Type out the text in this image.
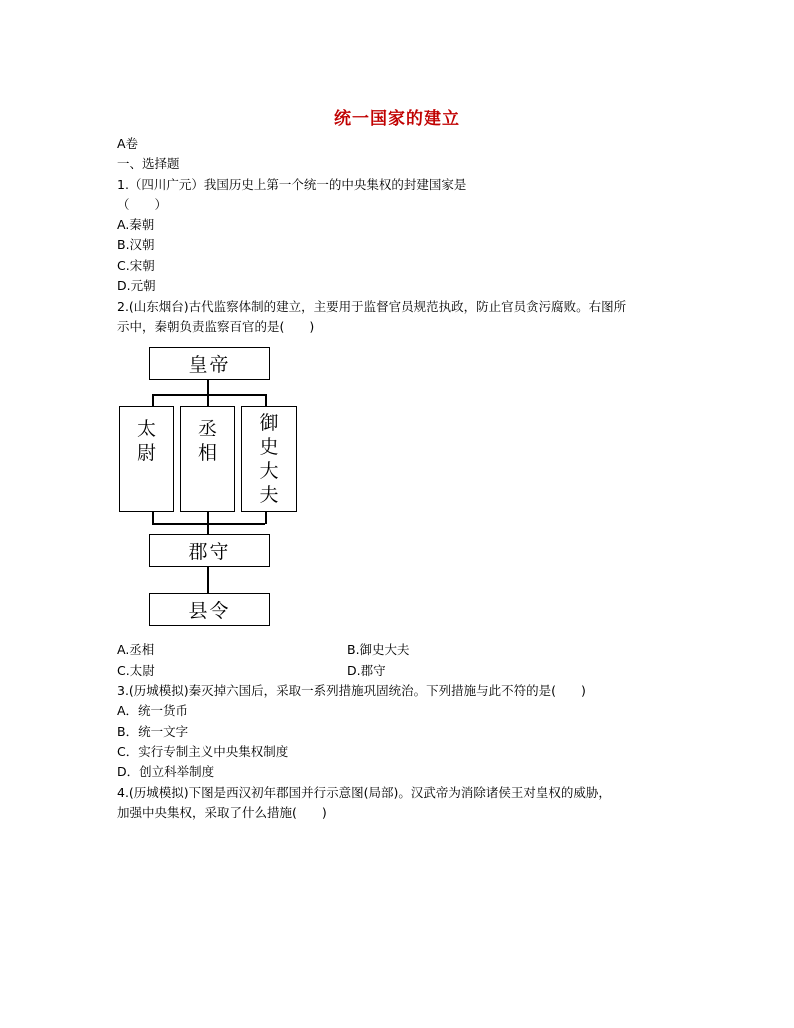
统一国家的建立
A卷
一、选择题
1.（四川广元）我国历史上第一个统一的中央集权的封建国家是
（　　）
A.秦朝
B.汉朝
C.宋朝
D.元朝
2.(山东烟台)古代监察体制的建立，主要用于监督官员规范执政，防止官员贪污腐败。右图所
示中，秦朝负责监察百官的是(　　)
皇帝
太
尉
丞
相
御
史
大
夫
郡守
县令
A.丞相	B.御史大夫
C.太尉	D.郡守
3.(历城模拟)秦灭掉六国后，采取一系列措施巩固统治。下列措施与此不符的是(　　)
A．统一货币
B．统一文字
C．实行专制主义中央集权制度
D．创立科举制度
4.(历城模拟)下图是西汉初年郡国并行示意图(局部)。汉武帝为消除诸侯王对皇权的威胁，
加强中央集权，采取了什么措施(　　)
